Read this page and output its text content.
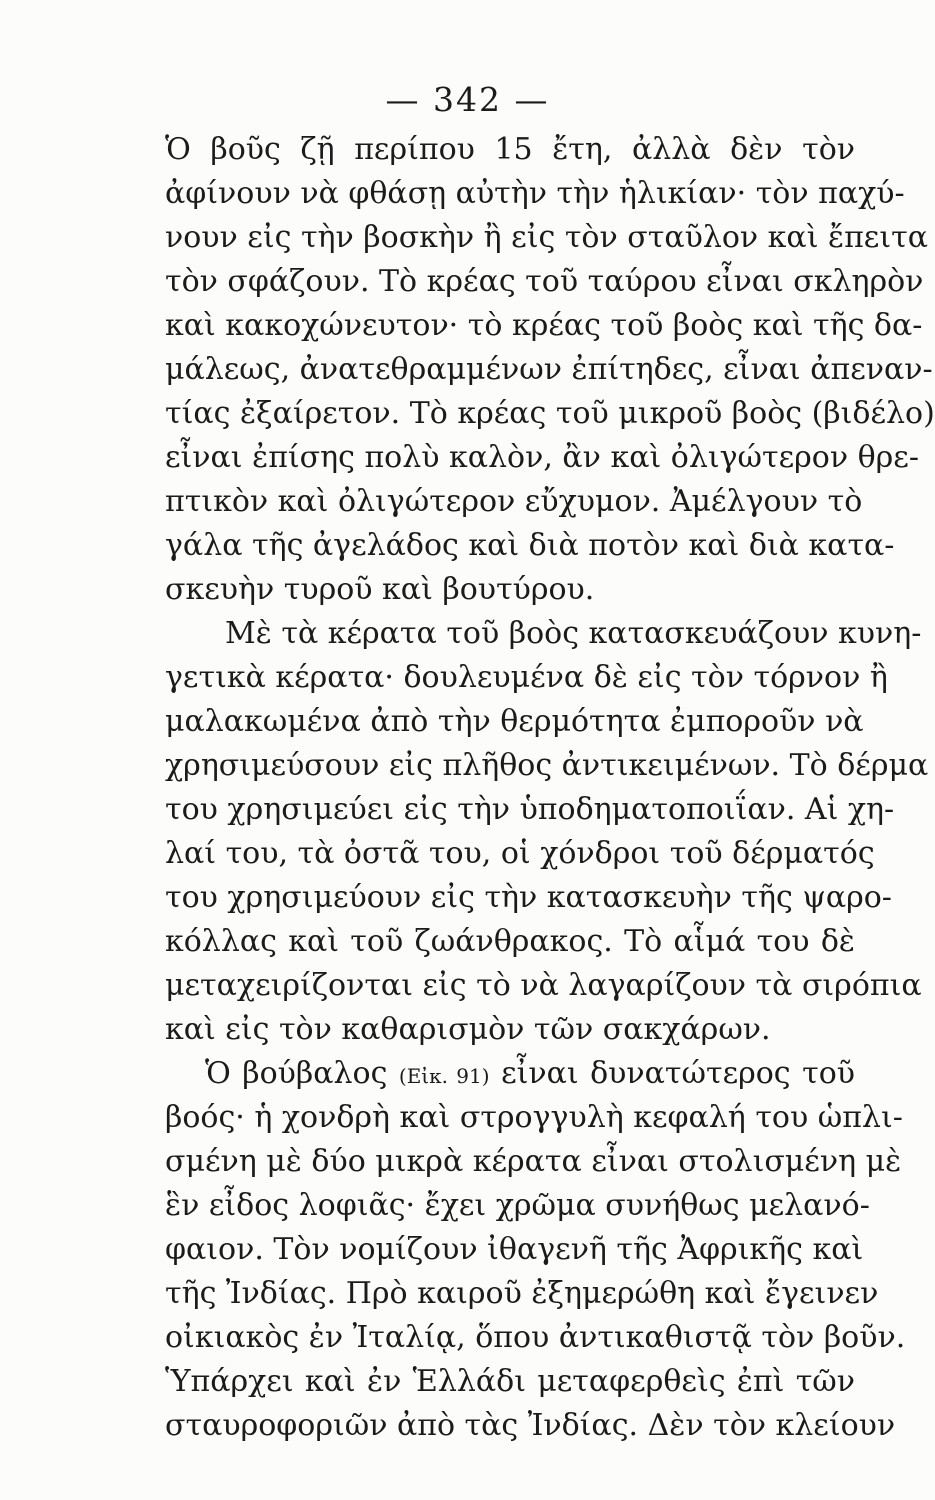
— 342 —
Ὁ βοῦς ζῇ περίπου 15 ἔτη, ἀλλὰ δὲν τὸν
ἀφίνουν νὰ φθάσῃ αὐτὴν τὴν ἡλικίαν· τὸν παχύ-
νουν εἰς τὴν βοσκὴν ἢ εἰς τὸν σταῦλον καὶ ἔπειτα
τὸν σφάζουν. Τὸ κρέας τοῦ ταύρου εἶναι σκληρὸν
καὶ κακοχώνευτον· τὸ κρέας τοῦ βοὸς καὶ τῆς δα-
μάλεως, ἀνατεθραμμένων ἐπίτηδες, εἶναι ἀπεναν-
τίας ἐξαίρετον. Τὸ κρέας τοῦ μικροῦ βοὸς (βιδέλο)
εἶναι ἐπίσης πολὺ καλὸν, ἂν καὶ ὀλιγώτερον θρε-
πτικὸν καὶ ὀλιγώτερον εὔχυμον. Ἀμέλγουν τὸ
γάλα τῆς ἀγελάδος καὶ διὰ ποτὸν καὶ διὰ κατα-
σκευὴν τυροῦ καὶ βουτύρου.
Μὲ τὰ κέρατα τοῦ βοὸς κατασκευάζουν κυνη-
γετικὰ κέρατα· δουλευμένα δὲ εἰς τὸν τόρνον ἢ
μαλακωμένα ἀπὸ τὴν θερμότητα ἐμποροῦν νὰ
χρησιμεύσουν εἰς πλῆθος ἀντικειμένων. Τὸ δέρμα
του χρησιμεύει εἰς τὴν ὑποδηματοποιΐαν. Αἱ χη-
λαί του, τὰ ὀστᾶ του, οἱ χόνδροι τοῦ δέρματός
του χρησιμεύουν εἰς τὴν κατασκευὴν τῆς ψαρο-
κόλλας καὶ τοῦ ζωάνθρακος. Τὸ αἷμά του δὲ
μεταχειρίζονται εἰς τὸ νὰ λαγαρίζουν τὰ σιρόπια
καὶ εἰς τὸν καθαρισμὸν τῶν σακχάρων.
Ὁ βούβαλος (Εἰκ. 91) εἶναι δυνατώτερος τοῦ
βοός· ἡ χονδρὴ καὶ στρογγυλὴ κεφαλή του ὡπλι-
σμένη μὲ δύο μικρὰ κέρατα εἶναι στολισμένη μὲ
ἓν εἶδος λοφιᾶς· ἔχει χρῶμα συνήθως μελανό-
φαιον. Τὸν νομίζουν ἰθαγενῆ τῆς Ἀφρικῆς καὶ
τῆς Ἰνδίας. Πρὸ καιροῦ ἐξημερώθη καὶ ἔγεινεν
οἰκιακὸς ἐν Ἰταλίᾳ, ὅπου ἀντικαθιστᾷ τὸν βοῦν.
Ὑπάρχει καὶ ἐν Ἑλλάδι μεταφερθεὶς ἐπὶ τῶν
σταυροφοριῶν ἀπὸ τὰς Ἰνδίας. Δὲν τὸν κλείουν
